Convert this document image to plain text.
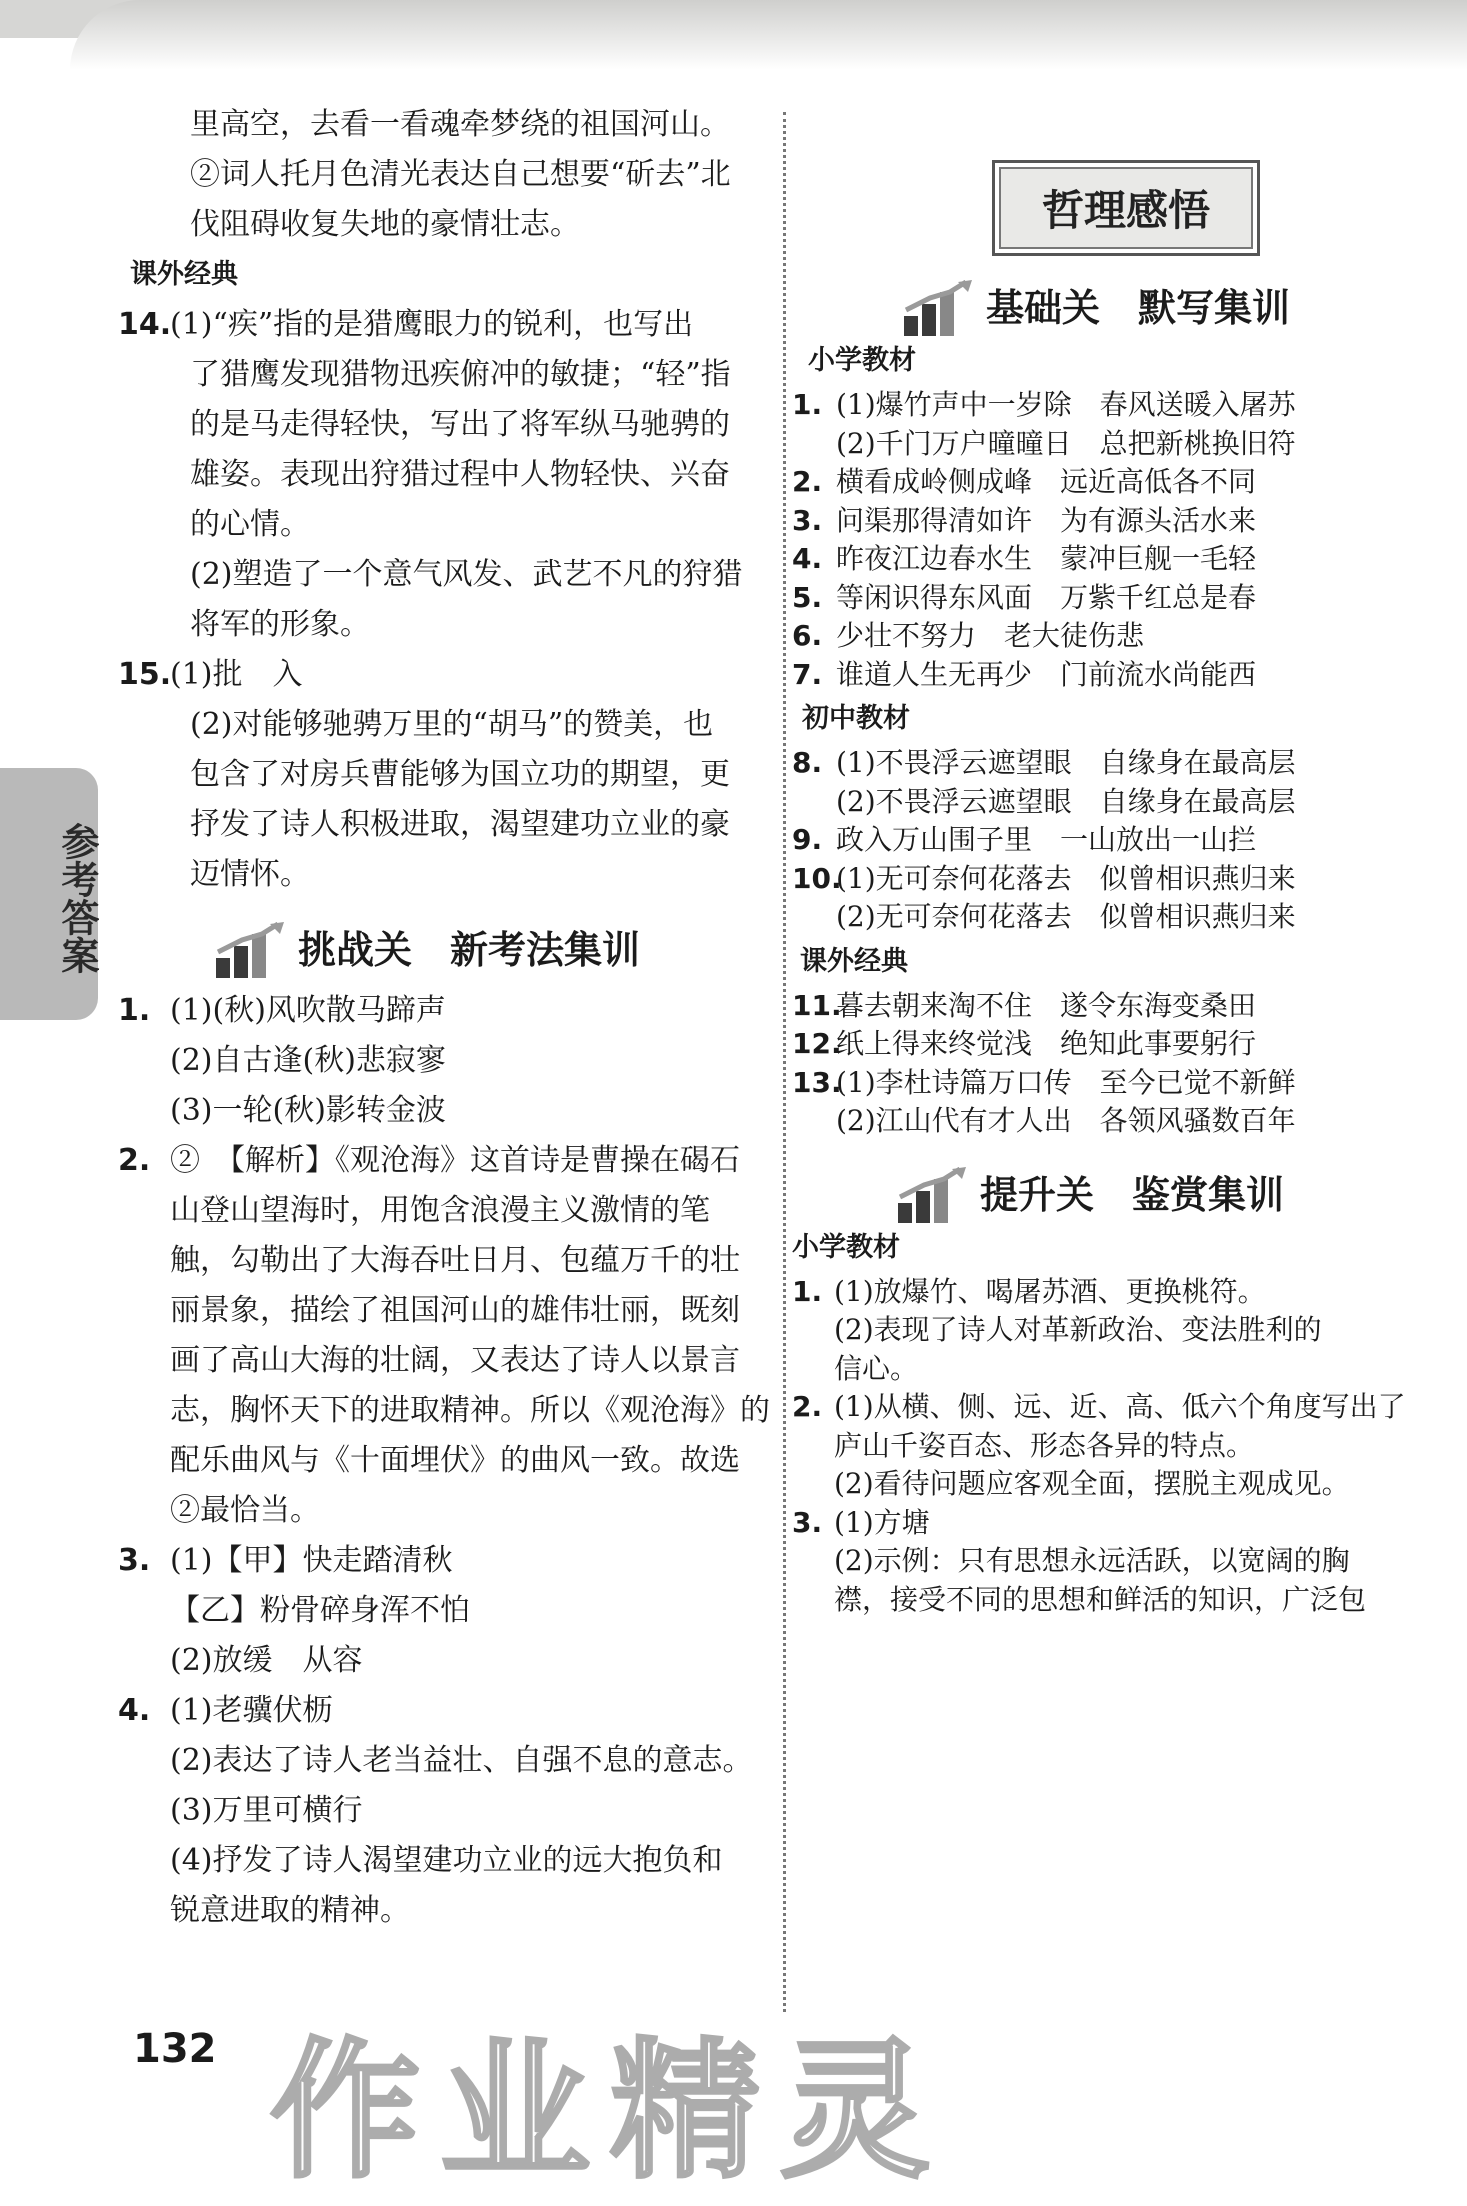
参考答案

里高空，去看一看魂牵梦绕的祖国河山。

②词人托月色清光表达自己想要“斫去”北

伐阻碍收复失地的豪情壮志。

课外经典

14.(1)“疾”指的是猎鹰眼力的锐利，也写出

了猎鹰发现猎物迅疾俯冲的敏捷；“轻”指

的是马走得轻快，写出了将军纵马驰骋的

雄姿。表现出狩猎过程中人物轻快、兴奋

的心情。

(2)塑造了一个意气风发、武艺不凡的狩猎

将军的形象。

15.(1)批　入

(2)对能够驰骋万里的“胡马”的赞美，也

包含了对房兵曹能够为国立功的期望，更

抒发了诗人积极进取，渴望建功立业的豪

迈情怀。

挑战关　新考法集训

1. (1)(秋)风吹散马蹄声

(2)自古逢(秋)悲寂寥

(3)一轮(秋)影转金波

2. ②　【解析】《观沧海》这首诗是曹操在碣石

山登山望海时，用饱含浪漫主义激情的笔

触，勾勒出了大海吞吐日月、包蕴万千的壮

丽景象，描绘了祖国河山的雄伟壮丽，既刻

画了高山大海的壮阔，又表达了诗人以景言

志，胸怀天下的进取精神。所以《观沧海》的

配乐曲风与《十面埋伏》的曲风一致。故选

②最恰当。

3. (1)【甲】快走踏清秋

【乙】粉骨碎身浑不怕

(2)放缓　从容

4. (1)老骥伏枥

(2)表达了诗人老当益壮、自强不息的意志。

(3)万里可横行

(4)抒发了诗人渴望建功立业的远大抱负和

锐意进取的精神。

哲理感悟
基础关　默写集训

小学教材

1. (1)爆竹声中一岁除　春风送暖入屠苏

(2)千门万户曈曈日　总把新桃换旧符

2. 横看成岭侧成峰　远近高低各不同

3. 问渠那得清如许　为有源头活水来

4. 昨夜江边春水生　蒙冲巨舰一毛轻

5. 等闲识得东风面　万紫千红总是春

6. 少壮不努力　老大徒伤悲

7. 谁道人生无再少　门前流水尚能西

初中教材

8. (1)不畏浮云遮望眼　自缘身在最高层

(2)不畏浮云遮望眼　自缘身在最高层

9. 政入万山围子里　一山放出一山拦

10.(1)无可奈何花落去　似曾相识燕归来

(2)无可奈何花落去　似曾相识燕归来

课外经典

11.暮去朝来淘不住　遂令东海变桑田

12.纸上得来终觉浅　绝知此事要躬行

13.(1)李杜诗篇万口传　至今已觉不新鲜

(2)江山代有才人出　各领风骚数百年

提升关　鉴赏集训

小学教材

1. (1)放爆竹、喝屠苏酒、更换桃符。

(2)表现了诗人对革新政治、变法胜利的

信心。

2. (1)从横、侧、远、近、高、低六个角度写出了

庐山千姿百态、形态各异的特点。

(2)看待问题应客观全面，摆脱主观成见。

3. (1)方塘

(2)示例：只有思想永远活跃，以宽阔的胸

襟，接受不同的思想和鲜活的知识，广泛包

132 作业精灵
